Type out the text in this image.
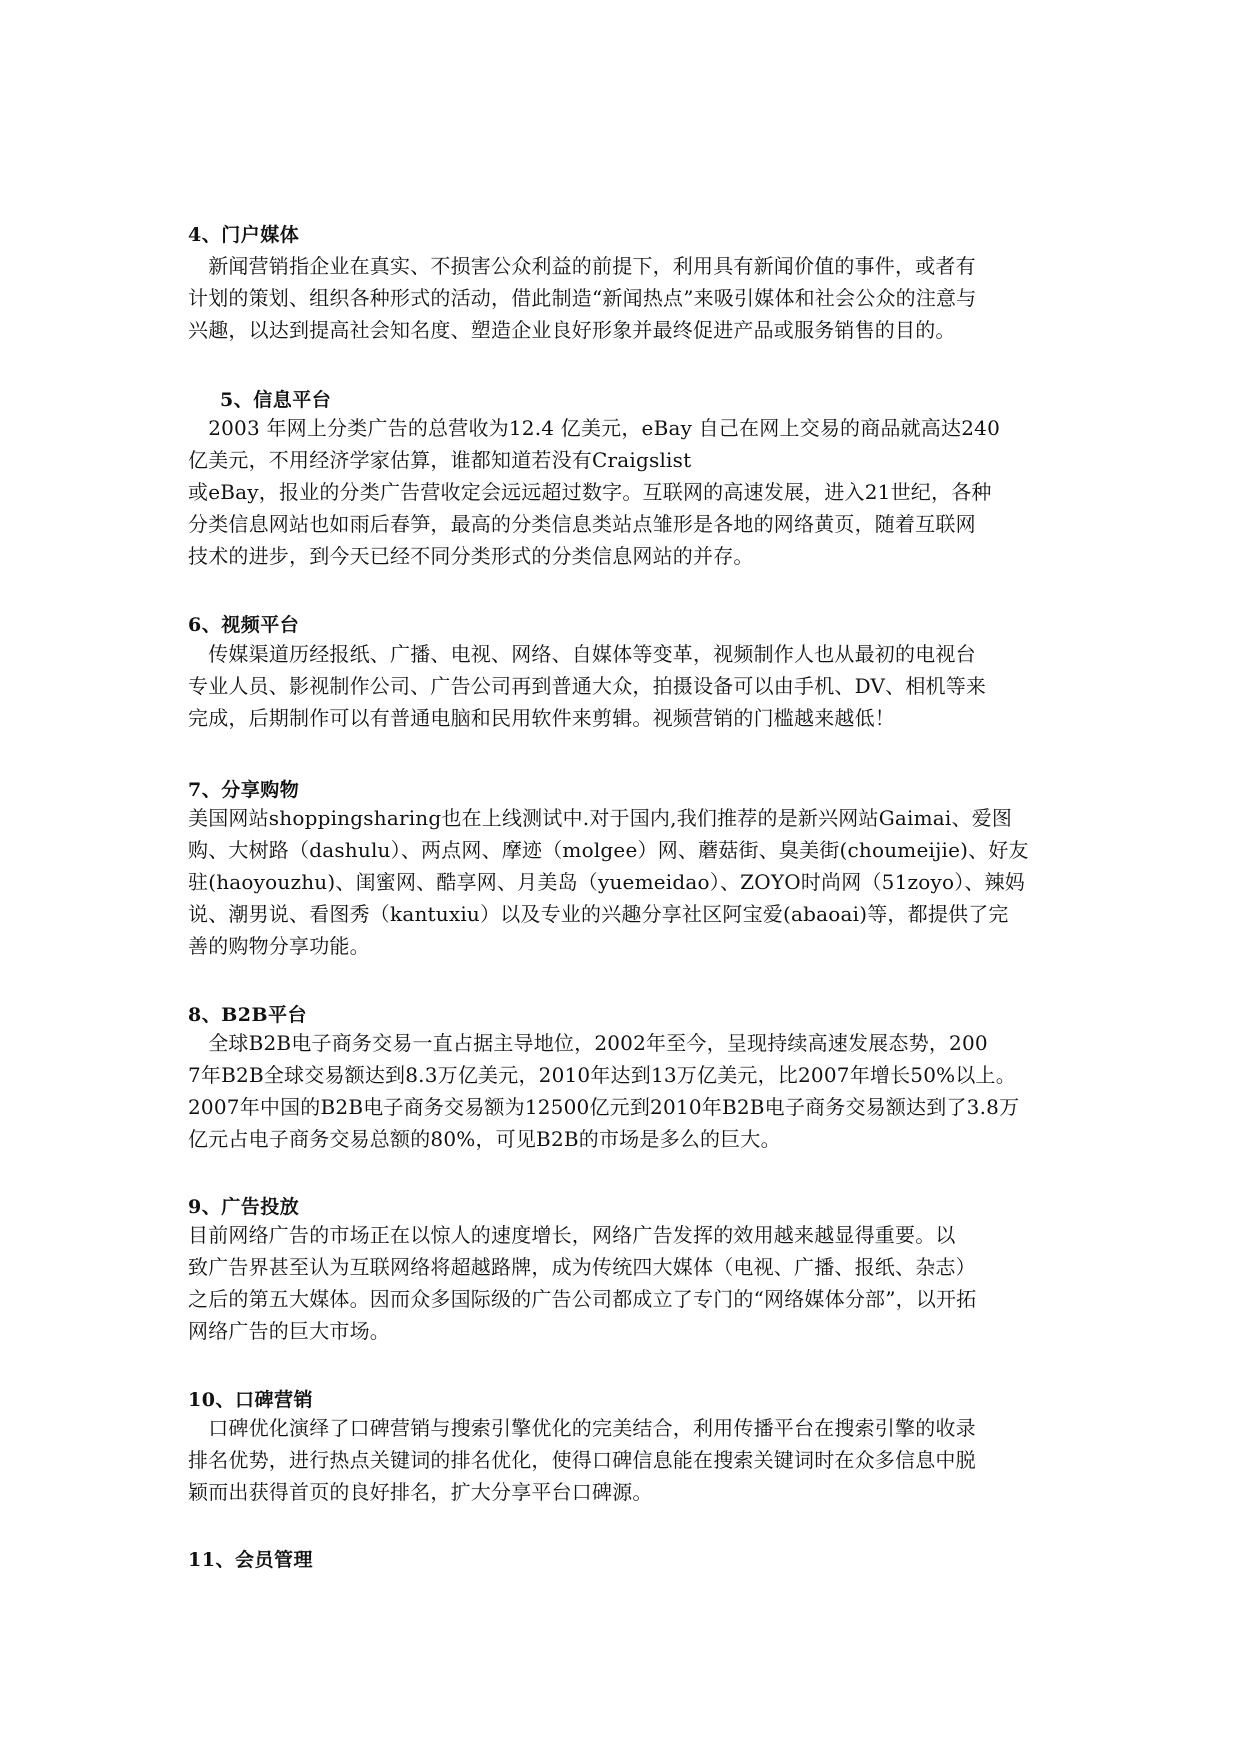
4、门户媒体

　新闻营销指企业在真实、不损害公众利益的前提下，利用具有新闻价值的事件，或者有
计划的策划、组织各种形式的活动，借此制造“新闻热点”来吸引媒体和社会公众的注意与
兴趣，以达到提高社会知名度、塑造企业良好形象并最终促进产品或服务销售的目的。

5、信息平台

　2003 年网上分类广告的总营收为12.4 亿美元，eBay 自己在网上交易的商品就高达240
亿美元，不用经济学家估算，谁都知道若没有Craigslist
或eBay，报业的分类广告营收定会远远超过数字。互联网的高速发展，进入21世纪，各种
分类信息网站也如雨后春笋，最高的分类信息类站点雏形是各地的网络黄页，随着互联网
技术的进步，到今天已经不同分类形式的分类信息网站的并存。

6、视频平台

　传媒渠道历经报纸、广播、电视、网络、自媒体等变革，视频制作人也从最初的电视台
专业人员、影视制作公司、广告公司再到普通大众，拍摄设备可以由手机、DV、相机等来
完成，后期制作可以有普通电脑和民用软件来剪辑。视频营销的门槛越来越低！

7、分享购物

美国网站shoppingsharing也在上线测试中.对于国内,我们推荐的是新兴网站Gaimai、爱图
购、大树路（dashulu）、两点网、摩迹（molgee）网、蘑菇街、臭美街(choumeijie)、好友
驻(haoyouzhu)、闺蜜网、酷享网、月美岛（yuemeidao）、ZOYO时尚网（51zoyo）、辣妈
说、潮男说、看图秀（kantuxiu）以及专业的兴趣分享社区阿宝爱(abaoai)等，都提供了完
善的购物分享功能。

8、B2B平台

　全球B2B电子商务交易一直占据主导地位，2002年至今，呈现持续高速发展态势，200
7年B2B全球交易额达到8.3万亿美元，2010年达到13万亿美元，比2007年增长50%以上。
2007年中国的B2B电子商务交易额为12500亿元到2010年B2B电子商务交易额达到了3.8万
亿元占电子商务交易总额的80%，可见B2B的市场是多么的巨大。

9、广告投放

目前网络广告的市场正在以惊人的速度增长，网络广告发挥的效用越来越显得重要。以
致广告界甚至认为互联网络将超越路牌，成为传统四大媒体（电视、广播、报纸、杂志）
之后的第五大媒体。因而众多国际级的广告公司都成立了专门的“网络媒体分部”，以开拓
网络广告的巨大市场。

10、口碑营销

　口碑优化演绎了口碑营销与搜索引擎优化的完美结合，利用传播平台在搜索引擎的收录
排名优势，进行热点关键词的排名优化，使得口碑信息能在搜索关键词时在众多信息中脱
颖而出获得首页的良好排名，扩大分享平台口碑源。

11、会员管理
